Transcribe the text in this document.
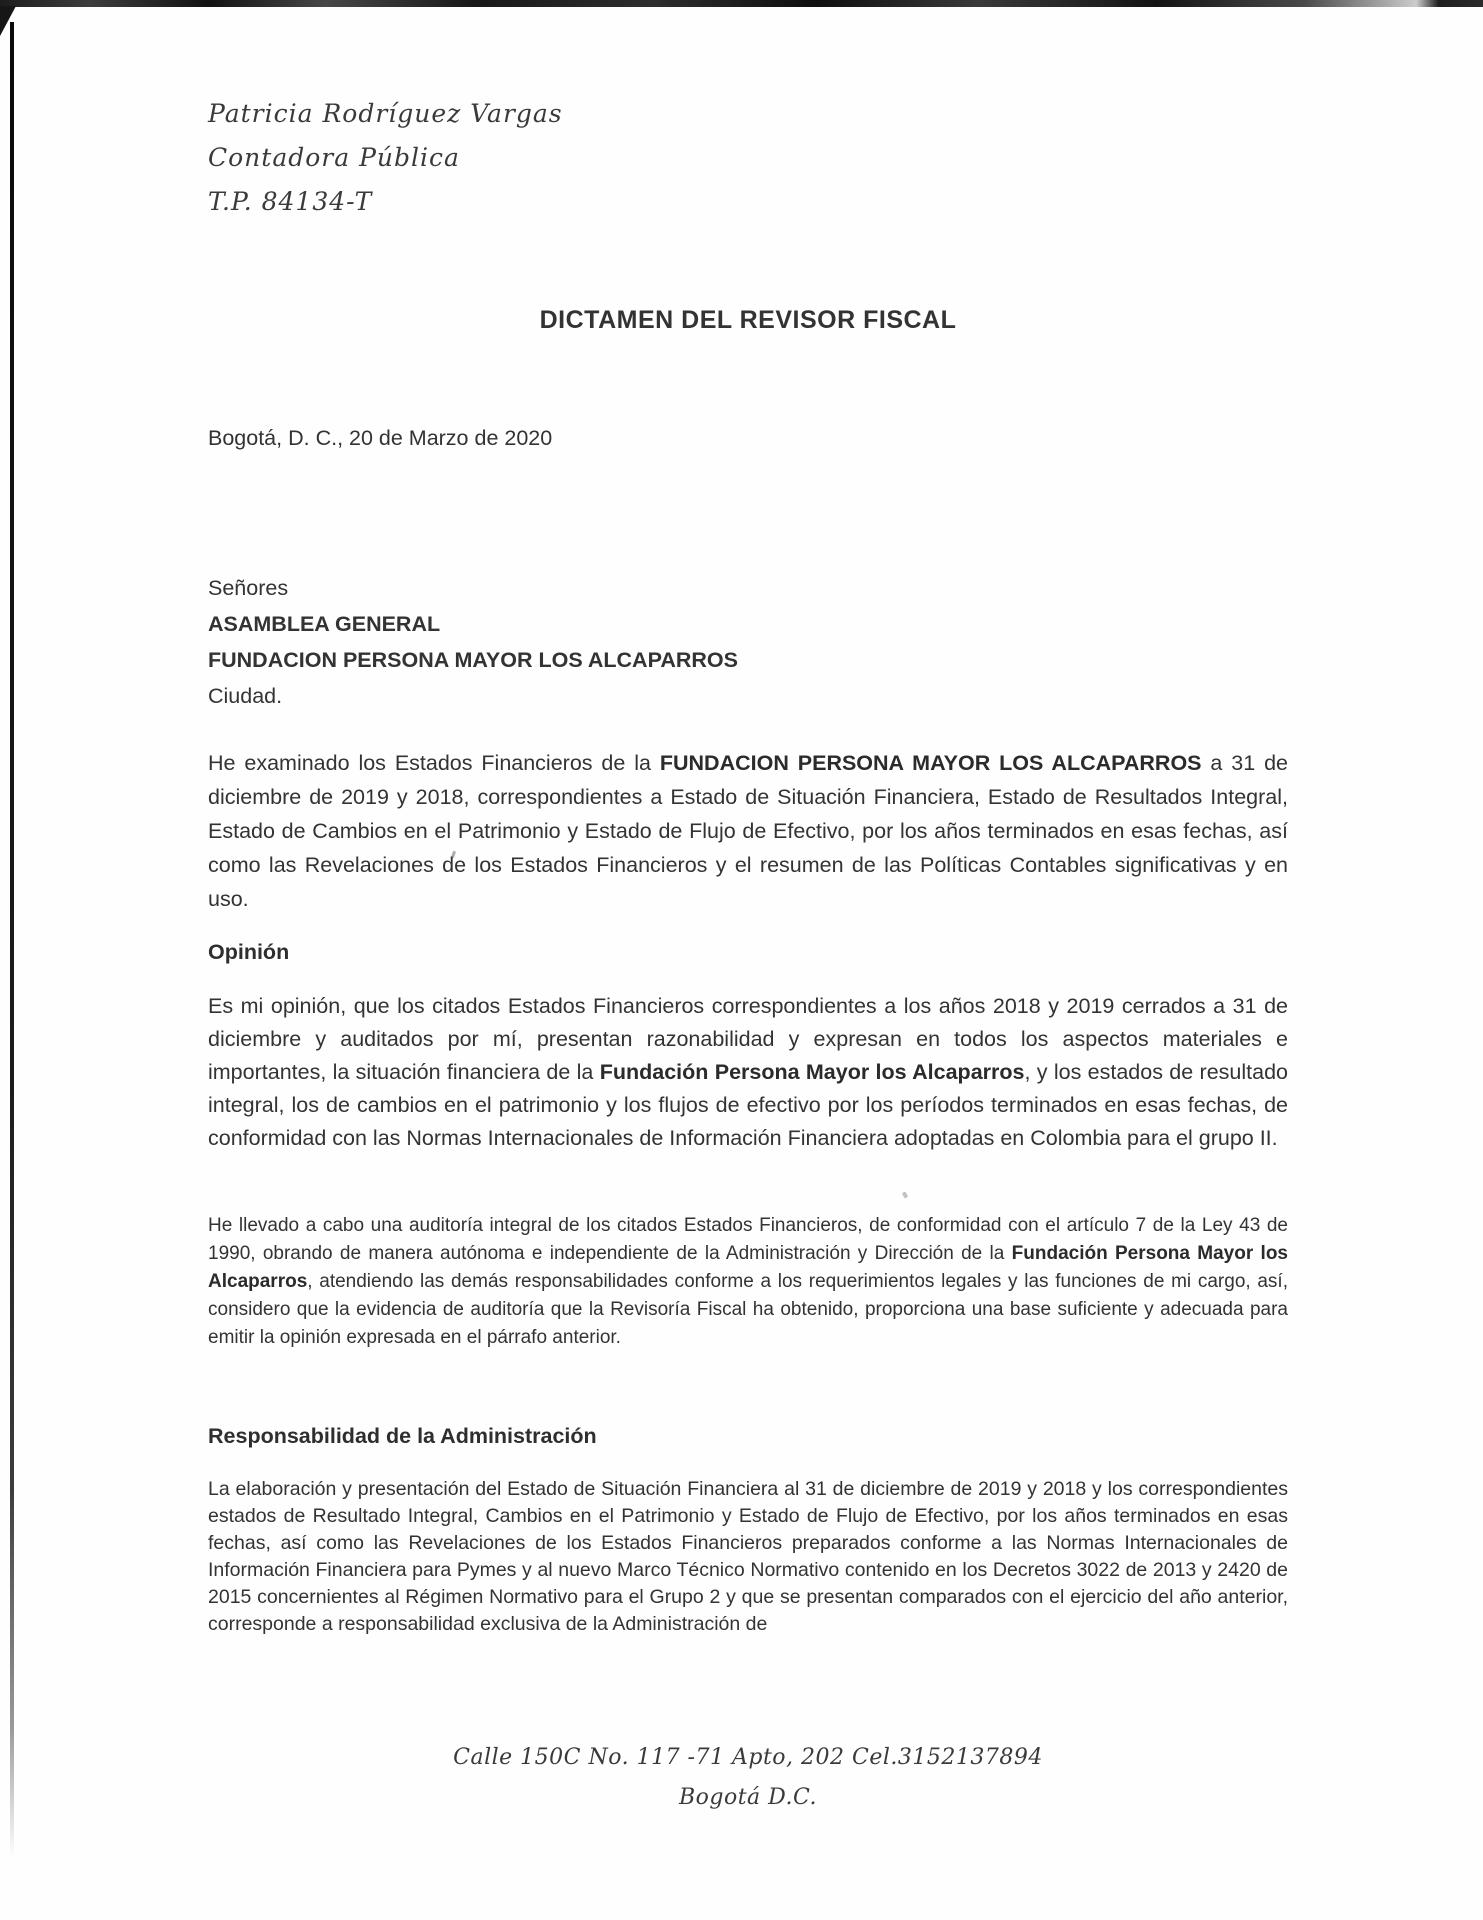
Patricia Rodríguez Vargas
Contadora Pública
T.P. 84134-T
DICTAMEN DEL REVISOR FISCAL

Bogotá, D. C., 20 de Marzo de 2020

Señores
ASAMBLEA GENERAL
FUNDACION PERSONA MAYOR LOS ALCAPARROS
Ciudad.

He examinado los Estados Financieros de la FUNDACION PERSONA MAYOR LOS ALCAPARROS a 31 de diciembre de 2019 y 2018, correspondientes a Estado de Situación Financiera, Estado de Resultados Integral, Estado de Cambios en el Patrimonio y Estado de Flujo de Efectivo, por los años terminados en esas fechas, así como las Revelaciones de los Estados Financieros y el resumen de las Políticas Contables significativas y en uso.

Opinión

Es mi opinión, que los citados Estados Financieros correspondientes a los años 2018 y 2019 cerrados a 31 de diciembre y auditados por mí, presentan razonabilidad y expresan en todos los aspectos materiales e importantes, la situación financiera de la Fundación Persona Mayor los Alcaparros, y los estados de resultado integral, los de cambios en el patrimonio y los flujos de efectivo por los períodos terminados en esas fechas, de conformidad con las Normas Internacionales de Información Financiera adoptadas en Colombia para el grupo II.

He llevado a cabo una auditoría integral de los citados Estados Financieros, de conformidad con el artículo 7 de la Ley 43 de 1990, obrando de manera autónoma e independiente de la Administración y Dirección de la Fundación Persona Mayor los Alcaparros, atendiendo las demás responsabilidades conforme a los requerimientos legales y las funciones de mi cargo, así, considero que la evidencia de auditoría que la Revisoría Fiscal ha obtenido, proporciona una base suficiente y adecuada para emitir la opinión expresada en el párrafo anterior.

Responsabilidad de la Administración

La elaboración y presentación del Estado de Situación Financiera al 31 de diciembre de 2019 y 2018 y los correspondientes estados de Resultado Integral, Cambios en el Patrimonio y Estado de Flujo de Efectivo, por los años terminados en esas fechas, así como las Revelaciones de los Estados Financieros preparados conforme a las Normas Internacionales de Información Financiera para Pymes y al nuevo Marco Técnico Normativo contenido en los Decretos 3022 de 2013 y 2420 de 2015 concernientes al Régimen Normativo para el Grupo 2 y que se presentan comparados con el ejercicio del año anterior, corresponde a responsabilidad exclusiva de la Administración de

Calle 150C No. 117 -71 Apto, 202 Cel.3152137894
Bogotá D.C.
